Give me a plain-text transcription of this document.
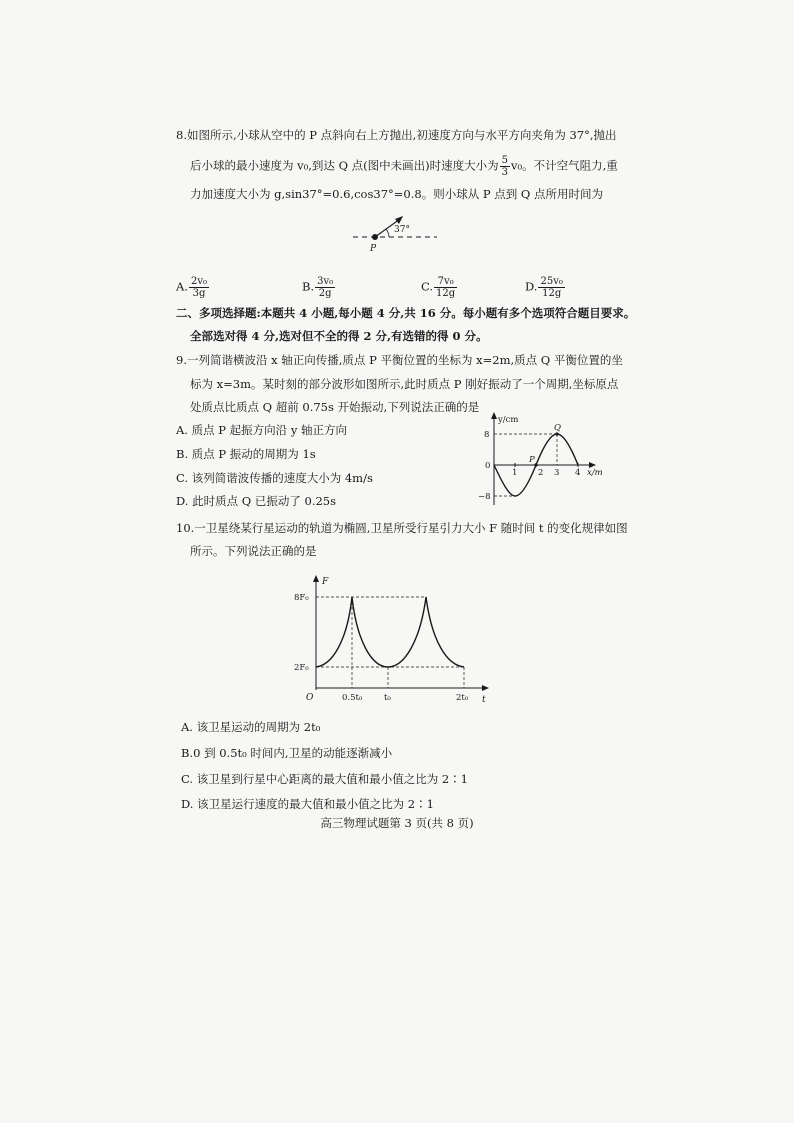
8.如图所示,小球从空中的 P 点斜向右上方抛出,初速度方向与水平方向夹角为 37°,抛出
后小球的最小速度为 v₀,到达 Q 点(图中未画出)时速度大小为 $\frac{5}{3} v_0$。不计空气阻力,重
力加速度大小为 g,sin37°=0.6,cos37°=0.8。则小球从 P 点到 Q 点所用时间为
37°
P
A. $\frac{\text{2v₀}}{3g}$	B. $\frac{\text{3v₀}}{2g}$	C. $\frac{\text{7v₀}}{12g}$	D. $\frac{\text{25v₀}}{12g}$
二、多项选择题:本题共 4 小题,每小题 4 分,共 16 分。每小题有多个选项符合题目要求。
全部选对得 4 分,选对但不全的得 2 分,有选错的得 0 分。
9.一列简谐横波沿 x 轴正向传播,质点 P 平衡位置的坐标为 x=2m,质点 Q 平衡位置的坐
标为 x=3m。某时刻的部分波形如图所示,此时质点 P 刚好振动了一个周期,坐标原点
处质点比质点 Q 超前 0.75s 开始振动,下列说法正确的是
A. 质点 P 起振方向沿 y 轴正方向
B. 质点 P 振动的周期为 1s
C. 该列简谐波传播的速度大小为 4m/s
D. 此时质点 Q 已振动了 0.25s
y/cm
x/m
8
−8
0
1 2 3 4
P
Q
10.一卫星绕某行星运动的轨道为椭圆,卫星所受行星引力大小 F 随时间 t 的变化规律如图
所示。下列说法正确的是
F
t
O
8F₀
2F₀
0.5t₀	t₀	2t₀
A. 该卫星运动的周期为 2t₀
B.0 到 0.5t₀ 时间内,卫星的动能逐渐减小
C. 该卫星到行星中心距离的最大值和最小值之比为 2∶1
D. 该卫星运行速度的最大值和最小值之比为 2∶1
高三物理试题第 3 页(共 8 页)
